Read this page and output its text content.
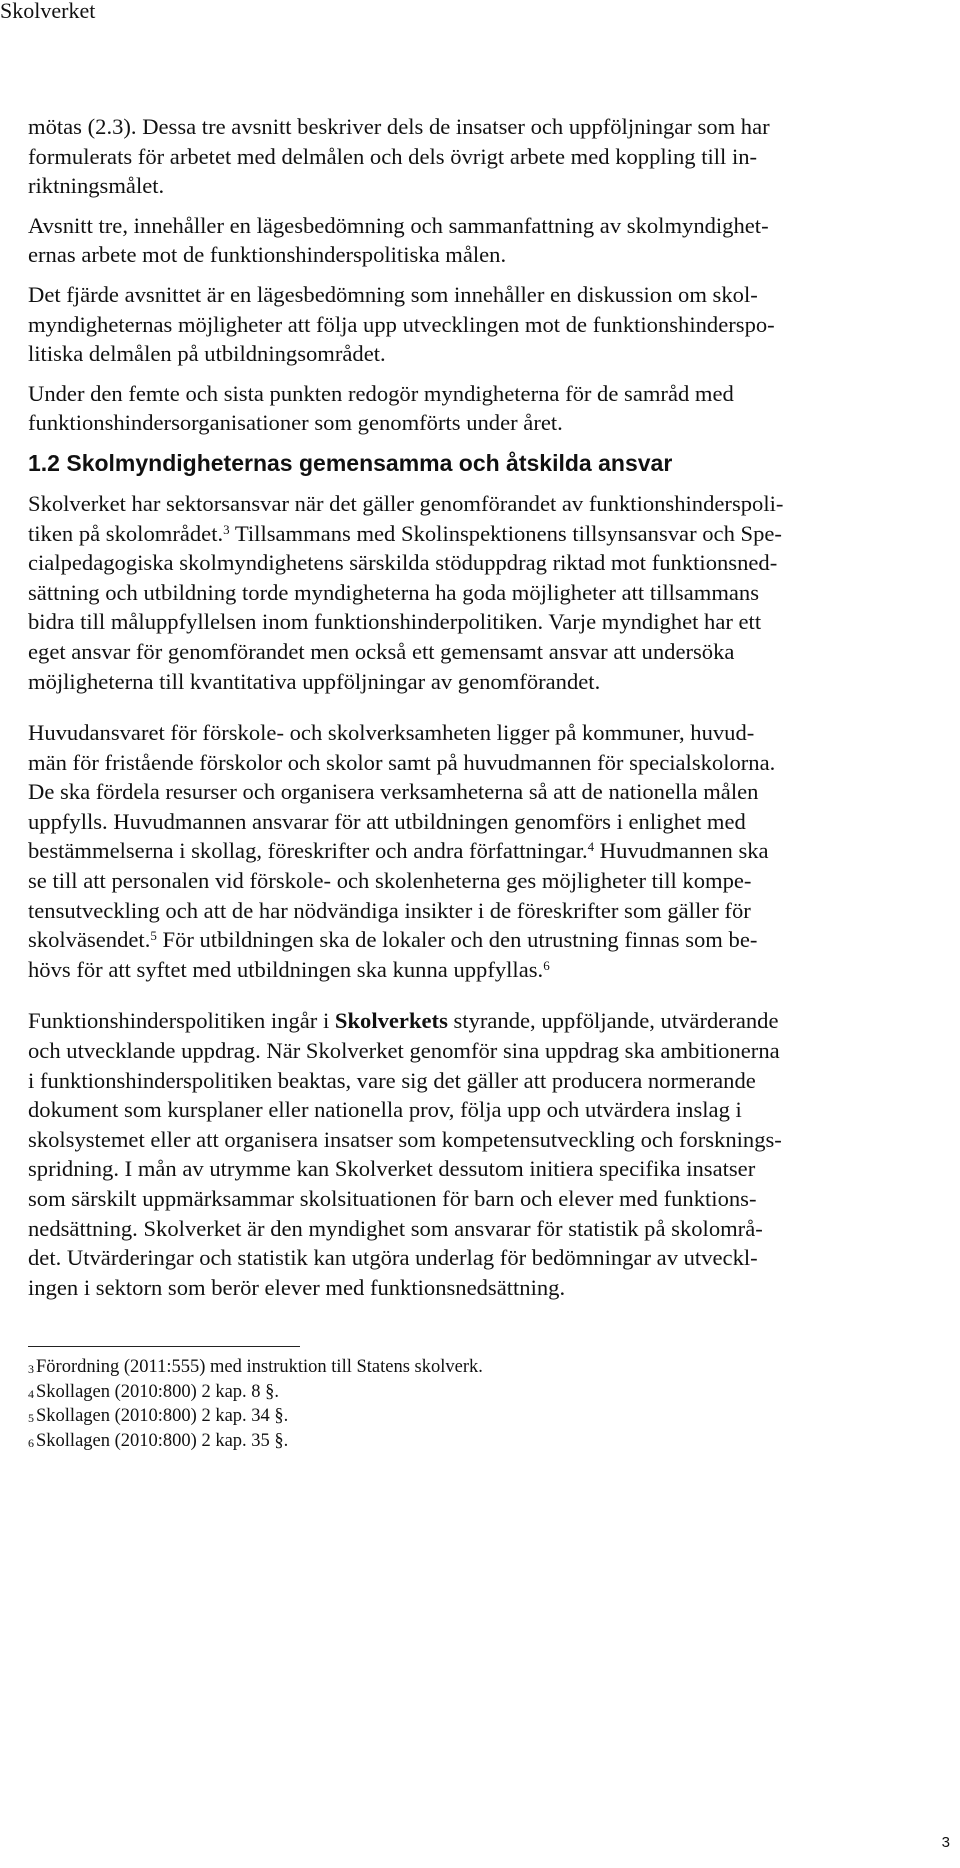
Skolverket
mötas (2.3). Dessa tre avsnitt beskriver dels de insatser och uppföljningar som har
formulerats för arbetet med delmålen och dels övrigt arbete med koppling till in-
riktningsmålet.
Avsnitt tre, innehåller en lägesbedömning och sammanfattning av skolmyndighet-
ernas arbete mot de funktionshinderspolitiska målen.
Det fjärde avsnittet är en lägesbedömning som innehåller en diskussion om skol-
myndigheternas möjligheter att följa upp utvecklingen mot de funktionshinderspo-
litiska delmålen på utbildningsområdet.
Under den femte och sista punkten redogör myndigheterna för de samråd med
funktionshindersorganisationer som genomförts under året.
1.2 Skolmyndigheternas gemensamma och åtskilda ansvar
Skolverket har sektorsansvar när det gäller genomförandet av funktionshinderspoli-
tiken på skolområdet.$^3$ Tillsammans med Skolinspektionens tillsynsansvar och Spe-
cialpedagogiska skolmyndighetens särskilda stöduppdrag riktad mot funktionsned-
sättning och utbildning torde myndigheterna ha goda möjligheter att tillsammans
bidra till måluppfyllelsen inom funktionshinderpolitiken. Varje myndighet har ett
eget ansvar för genomförandet men också ett gemensamt ansvar att undersöka
möjligheterna till kvantitativa uppföljningar av genomförandet.
Huvudansvaret för förskole- och skolverksamheten ligger på kommuner, huvud-
män för fristående förskolor och skolor samt på huvudmannen för specialskolorna.
De ska fördela resurser och organisera verksamheterna så att de nationella målen
uppfylls. Huvudmannen ansvarar för att utbildningen genomförs i enlighet med
bestämmelserna i skollag, föreskrifter och andra författningar.$^4$ Huvudmannen ska
se till att personalen vid förskole- och skolenheterna ges möjligheter till kompe-
tensutveckling och att de har nödvändiga insikter i de föreskrifter som gäller för
skolväsendet.$^5$ För utbildningen ska de lokaler och den utrustning finnas som be-
hövs för att syftet med utbildningen ska kunna uppfyllas.$^6$
Funktionshinderspolitiken ingår i Skolverkets styrande, uppföljande, utvärderande
och utvecklande uppdrag. När Skolverket genomför sina uppdrag ska ambitionerna
i funktionshinderspolitiken beaktas, vare sig det gäller att producera normerande
dokument som kursplaner eller nationella prov, följa upp och utvärdera inslag i
skolsystemet eller att organisera insatser som kompetensutveckling och forsknings-
spridning. I mån av utrymme kan Skolverket dessutom initiera specifika insatser
som särskilt uppmärksammar skolsituationen för barn och elever med funktions-
nedsättning. Skolverket är den myndighet som ansvarar för statistik på skolområ-
det. Utvärderingar och statistik kan utgöra underlag för bedömningar av utveckl-
ingen i sektorn som berör elever med funktionsnedsättning.
$^3$ Förordning (2011:555) med instruktion till Statens skolverk.
$^4$ Skollagen (2010:800) 2 kap. 8 §.
$^5$ Skollagen (2010:800) 2 kap. 34 §.
$^6$ Skollagen (2010:800) 2 kap. 35 §.
3
